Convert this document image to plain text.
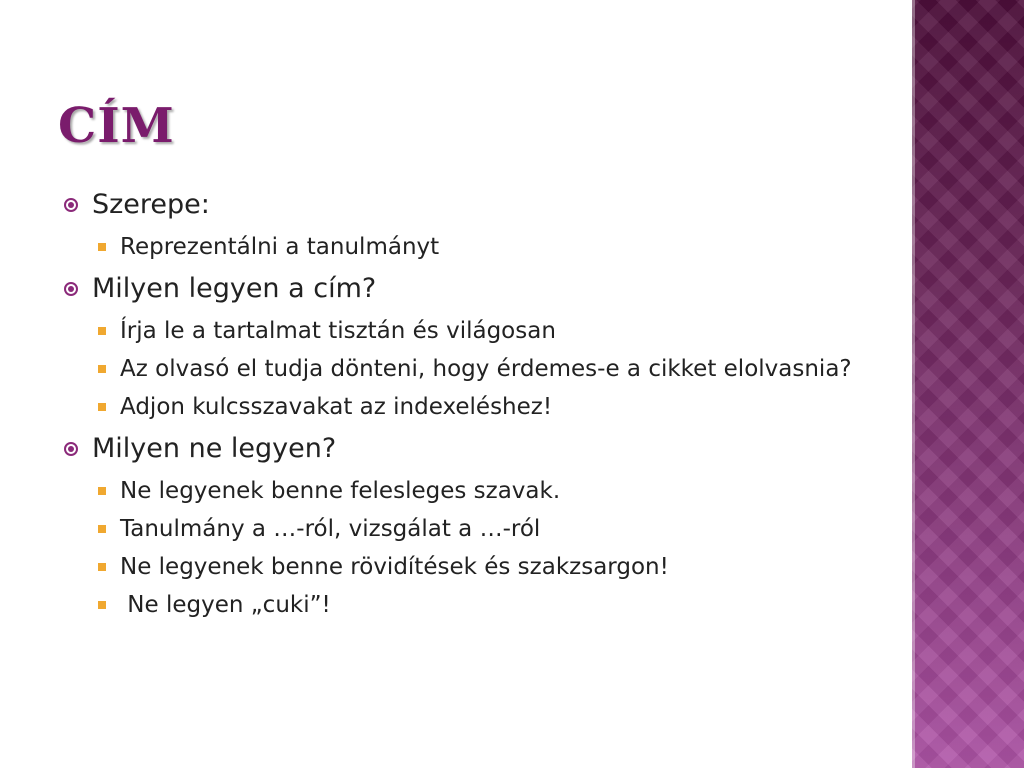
CÍM
Szerepe:
Reprezentálni a tanulmányt
Milyen legyen a cím?
Írja le a tartalmat tisztán és világosan
Az olvasó el tudja dönteni, hogy érdemes-e a cikket elolvasnia?
Adjon kulcsszavakat az indexeléshez!
Milyen ne legyen?
Ne legyenek benne felesleges szavak.
Tanulmány a …-ról, vizsgálat a …-ról
Ne legyenek benne rövidítések és szakzsargon!
Ne legyen „cuki”!
